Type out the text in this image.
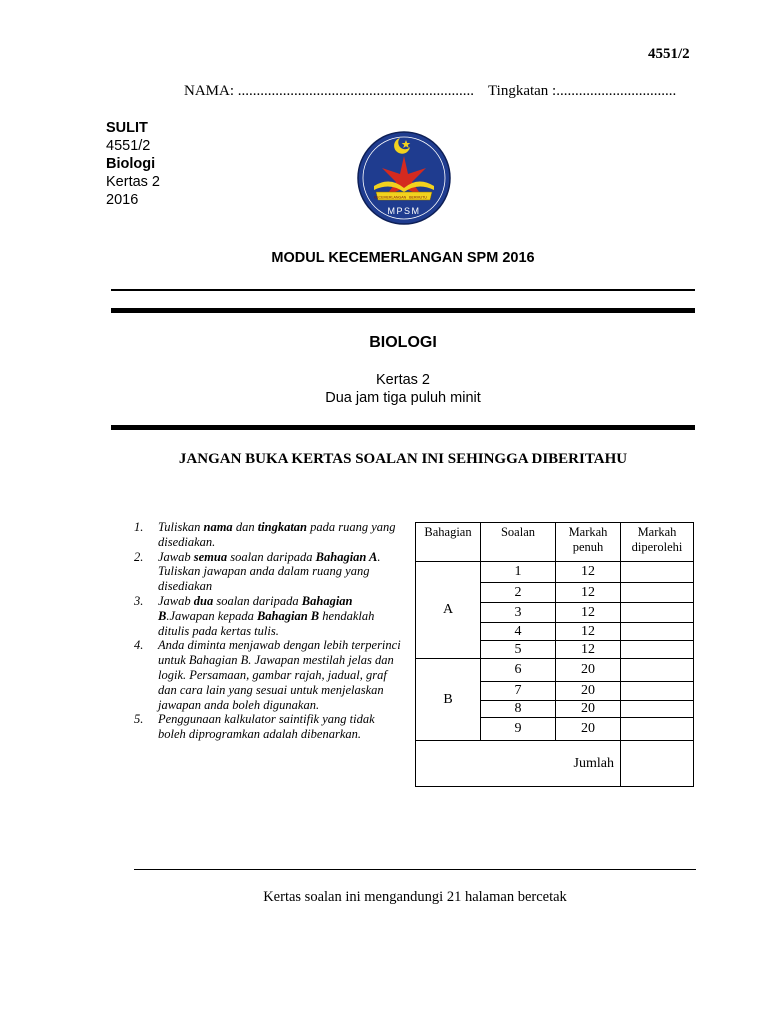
4551/2
NAMA: ............................................................... Tingkatan :................................
SULIT
4551/2
Biologi
Kertas 2
2016	KECEMERLANGAN BERMUTU
MPSM
MODUL KECEMERLANGAN SPM 2016
BIOLOGI
Kertas 2
Dua jam tiga puluh minit
JANGAN BUKA KERTAS SOALAN INI SEHINGGA DIBERITAHU
1. Tuliskan nama dan tingkatan pada ruang yang disediakan.
2. Jawab semua soalan daripada Bahagian A. Tuliskan jawapan anda dalam ruang yang disediakan
3. Jawab dua soalan daripada Bahagian B.Jawapan kepada Bahagian B hendaklah ditulis pada kertas tulis.
4. Anda diminta menjawab dengan lebih terperinci untuk Bahagian B. Jawapan mestilah jelas dan logik. Persamaan, gambar rajah, jadual, graf dan cara lain yang sesuai untuk menjelaskan jawapan anda boleh digunakan.
5. Penggunaan kalkulator saintifik yang tidak boleh diprogramkan adalah dibenarkan.
Bahagian	Soalan	Markah penuh	Markah diperolehi
A	1	12	
	2	12	
	3	12	
	4	12	
	5	12	
B	6	20	
	7	20	
	8	20	
	9	20	
Jumlah			
Kertas soalan ini mengandungi 21 halaman bercetak
